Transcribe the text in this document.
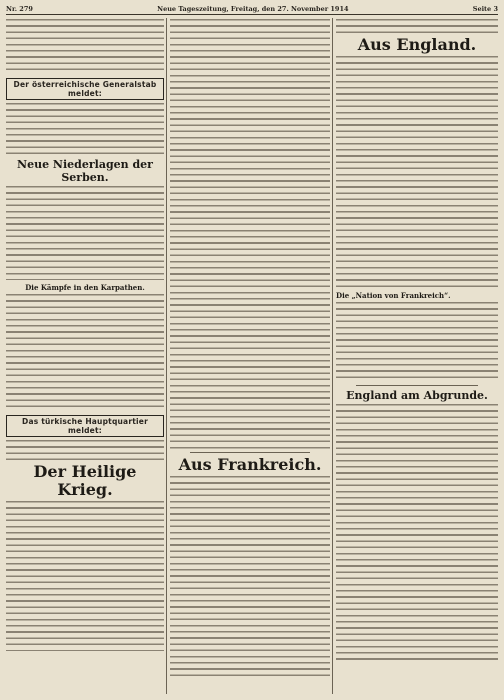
Nr. 279	Neue Tageszeitung, Freitag, den 27. November 1914	Seite 3
Der österreichische Generalstab
meldet:
Neue Niederlagen der Serben.
Die Kämpfe in den Karpathen.
Das türkische Hauptquartier
meldet:
Der Heilige Krieg.
Aus Frankreich.
Aus England.
Die „Nation von Frankreich“.
England am Abgrunde.
